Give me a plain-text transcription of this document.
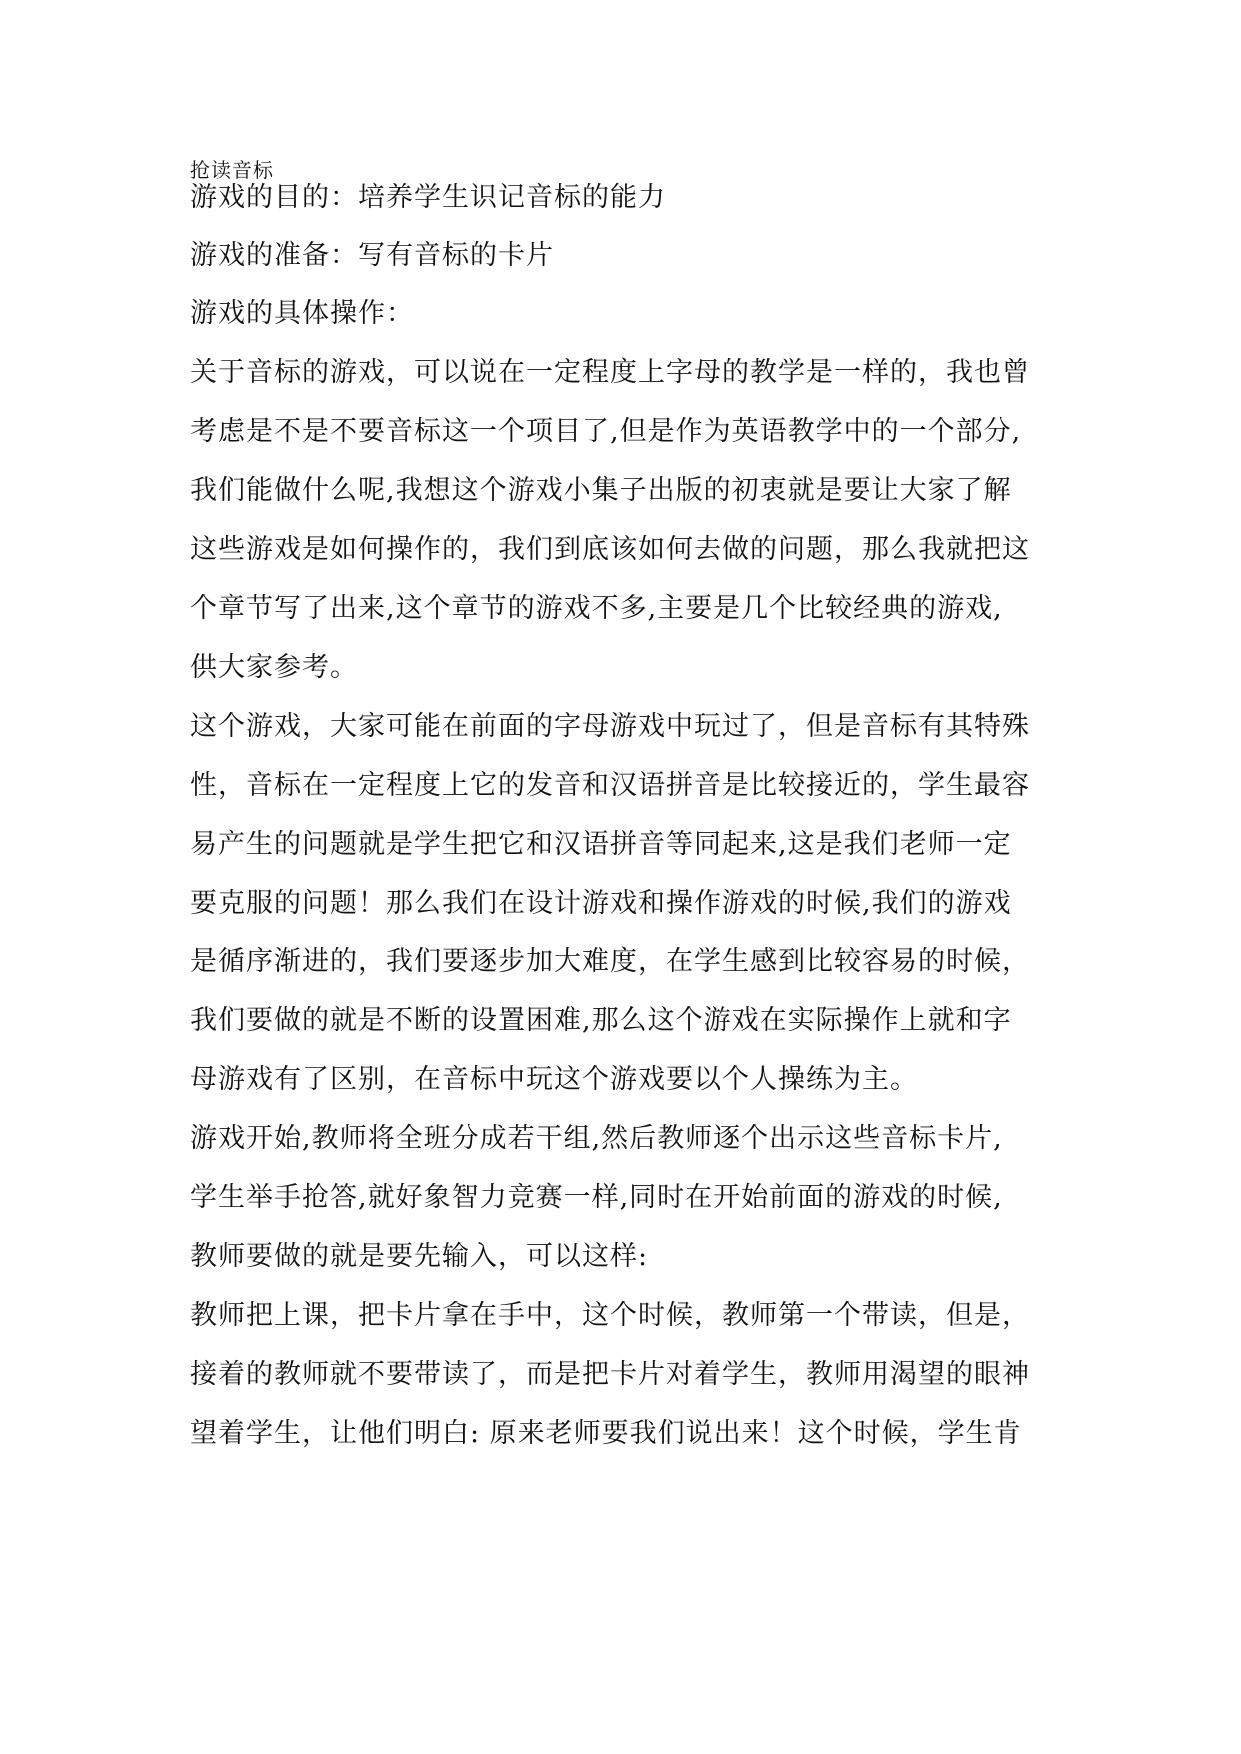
抢读音标
游戏的目的：培养学生识记音标的能力
游戏的准备：写有音标的卡片
游戏的具体操作：
关于音标的游戏，可以说在一定程度上字母的教学是一样的，我也曾
考虑是不是不要音标这一个项目了,但是作为英语教学中的一个部分,
我们能做什么呢,我想这个游戏小集子出版的初衷就是要让大家了解
这些游戏是如何操作的，我们到底该如何去做的问题，那么我就把这
个章节写了出来,这个章节的游戏不多,主要是几个比较经典的游戏,
供大家参考。
这个游戏，大家可能在前面的字母游戏中玩过了，但是音标有其特殊
性，音标在一定程度上它的发音和汉语拼音是比较接近的，学生最容
易产生的问题就是学生把它和汉语拼音等同起来,这是我们老师一定
要克服的问题！那么我们在设计游戏和操作游戏的时候,我们的游戏
是循序渐进的，我们要逐步加大难度，在学生感到比较容易的时候，
我们要做的就是不断的设置困难,那么这个游戏在实际操作上就和字
母游戏有了区别，在音标中玩这个游戏要以个人操练为主。
游戏开始,教师将全班分成若干组,然后教师逐个出示这些音标卡片,
学生举手抢答,就好象智力竞赛一样,同时在开始前面的游戏的时候,
教师要做的就是要先输入，可以这样:
教师把上课，把卡片拿在手中，这个时候，教师第一个带读，但是，
接着的教师就不要带读了，而是把卡片对着学生，教师用渴望的眼神
望着学生，让他们明白: 原来老师要我们说出来！这个时候，学生肯
